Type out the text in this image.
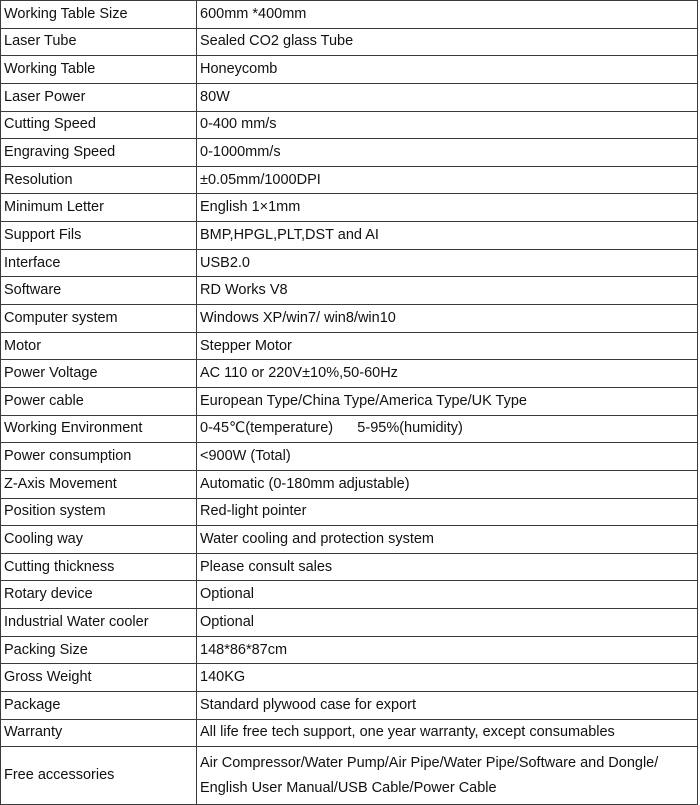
Working Table Size	600mm *400mm
Laser Tube	Sealed CO2 glass Tube
Working Table	Honeycomb
Laser Power	80W
Cutting Speed	0-400 mm/s
Engraving Speed	0-1000mm/s
Resolution	±0.05mm/1000DPI
Minimum Letter	English 1×1mm
Support Fils	BMP,HPGL,PLT,DST and AI
Interface	USB2.0
Software	RD Works V8
Computer system	Windows XP/win7/ win8/win10
Motor	Stepper Motor
Power Voltage	AC 110 or 220V±10%,50-60Hz
Power cable	European Type/China Type/America Type/UK Type
Working Environment	0-45℃(temperature)      5-95%(humidity)
Power consumption	<900W (Total)
Z-Axis Movement	Automatic (0-180mm adjustable)
Position system	Red-light pointer
Cooling way	Water cooling and protection system
Cutting thickness	Please consult sales
Rotary device	Optional
Industrial Water cooler	Optional
Packing Size	148*86*87cm
Gross Weight	140KG
Package	Standard plywood case for export
Warranty	All life free tech support, one year warranty, except consumables
Free accessories	Air Compressor/Water Pump/Air Pipe/Water Pipe/Software and Dongle/ English User Manual/USB Cable/Power Cable
